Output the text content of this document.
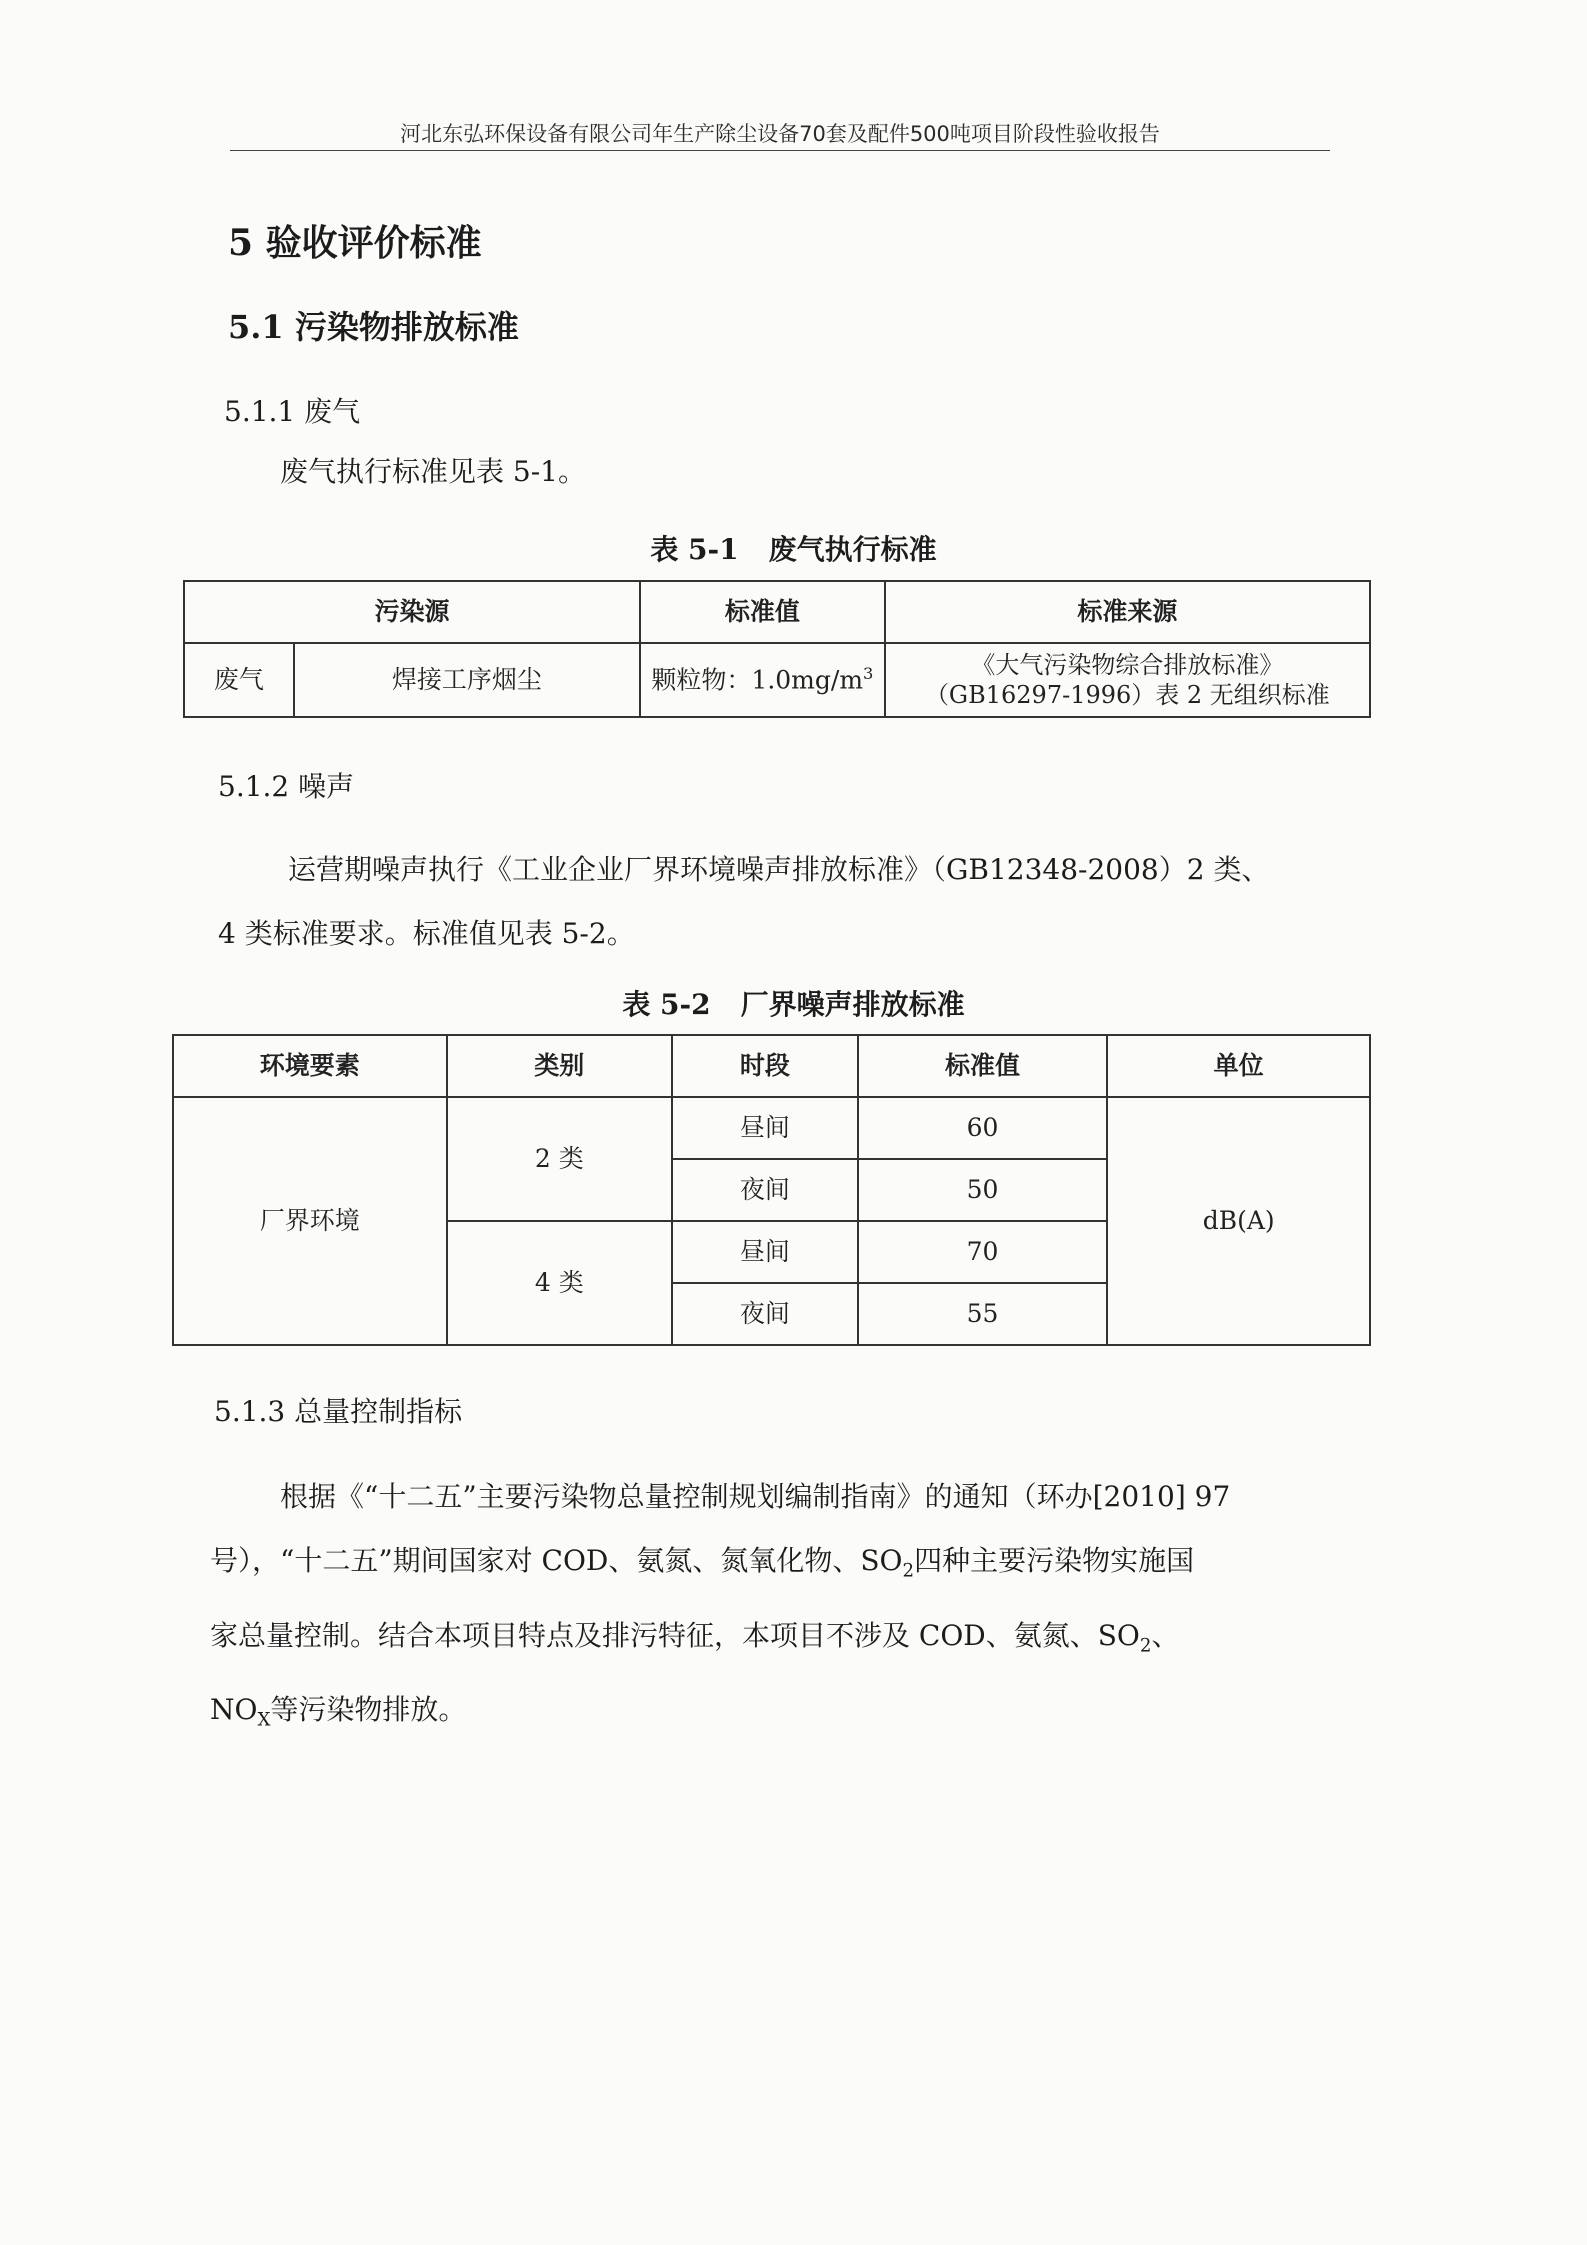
河北东弘环保设备有限公司年生产除尘设备70套及配件500吨项目阶段性验收报告
5 验收评价标准
5.1 污染物排放标准
5.1.1 废气
废气执行标准见表 5-1。
表 5-1 废气执行标准
污染源		标准值	标准来源
废气	焊接工序烟尘	颗粒物：$1.0mg/m^3$	《大气污染物综合排放标准》
（GB16297-1996）表 2 无组织标准
5.1.2 噪声
运营期噪声执行《工业企业厂界环境噪声排放标准》（GB12348-2008）2 类、
4 类标准要求。标准值见表 5-2。
表 5-2 厂界噪声排放标准
环境要素	类别	时段	标准值	单位
厂界环境	2 类	昼间	60	dB(A)
		夜间	50	
	4 类	昼间	70	
		夜间	55	
5.1.3 总量控制指标
根据《“十二五”主要污染物总量控制规划编制指南》的通知（环办[2010] 97
号），“十二五”期间国家对 COD、氨氮、氮氧化物、$SO_2$四种主要污染物实施国
家总量控制。结合本项目特点及排污特征，本项目不涉及 COD、氨氮、$SO_2$、
$NO_X$等污染物排放。
